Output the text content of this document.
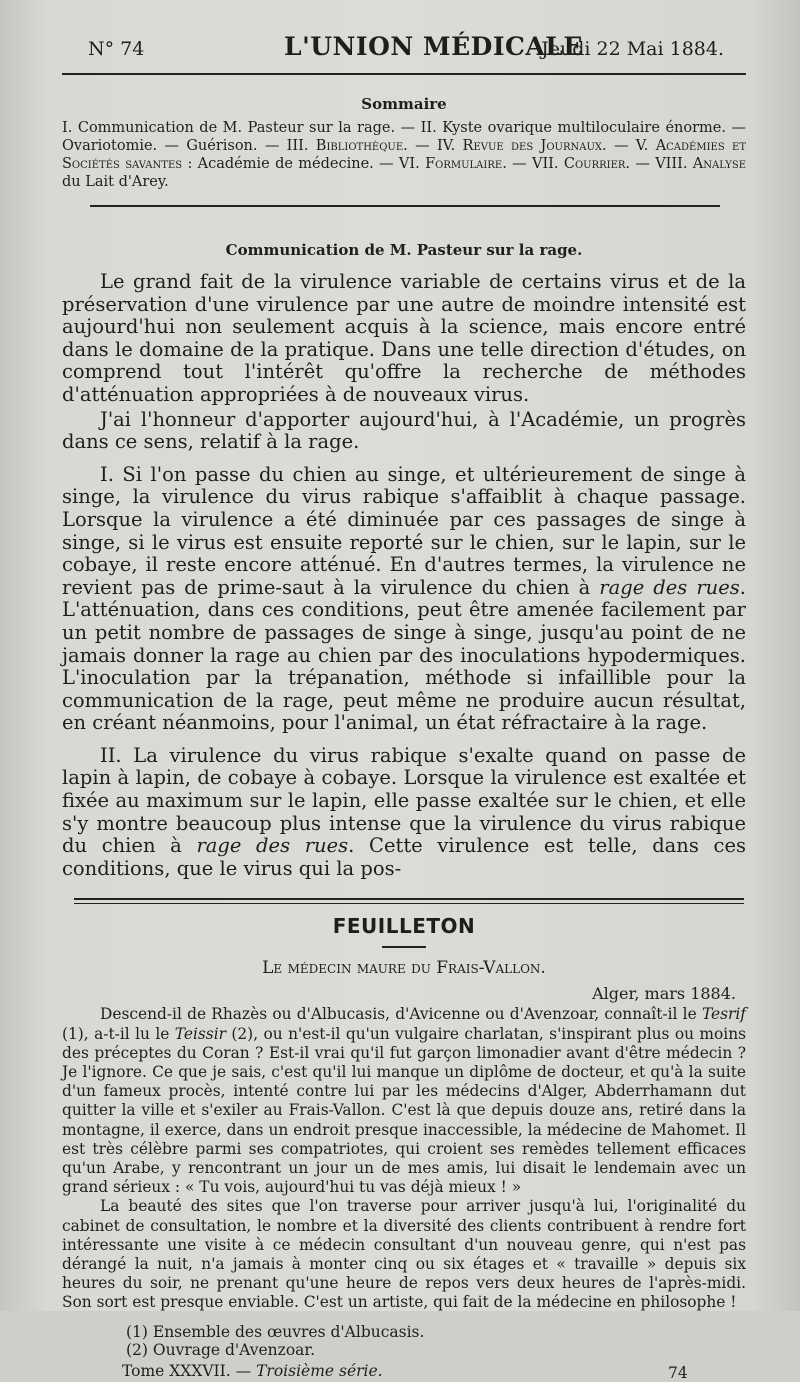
N° 74	L'UNION MÉDICALE
Jeudi 22 Mai 1884.
Sommaire

I. Communication de M. Pasteur sur la rage. — II. Kyste ovarique multiloculaire énorme. — Ovariotomie. — Guérison. — III. Bibliothèque. — IV. Revue des Journaux. — V. Académies et Sociétés savantes : Académie de médecine. — VI. Formulaire. — VII. Courrier. — VIII. Analyse du Lait d'Arey.

Communication de M. Pasteur sur la rage.

Le grand fait de la virulence variable de certains virus et de la préservation d'une virulence par une autre de moindre intensité est aujourd'hui non seulement acquis à la science, mais encore entré dans le domaine de la pratique. Dans une telle direction d'études, on comprend tout l'intérêt qu'offre la recherche de méthodes d'atténuation appropriées à de nouveaux virus.

J'ai l'honneur d'apporter aujourd'hui, à l'Académie, un progrès dans ce sens, relatif à la rage.

I. Si l'on passe du chien au singe, et ultérieurement de singe à singe, la virulence du virus rabique s'affaiblit à chaque passage. Lorsque la virulence a été diminuée par ces passages de singe à singe, si le virus est ensuite reporté sur le chien, sur le lapin, sur le cobaye, il reste encore atténué. En d'autres termes, la virulence ne revient pas de prime-saut à la virulence du chien à rage des rues. L'atténuation, dans ces conditions, peut être amenée facilement par un petit nombre de passages de singe à singe, jusqu'au point de ne jamais donner la rage au chien par des inoculations hypodermiques. L'inoculation par la trépanation, méthode si infaillible pour la communication de la rage, peut même ne produire aucun résultat, en créant néanmoins, pour l'animal, un état réfractaire à la rage.

II. La virulence du virus rabique s'exalte quand on passe de lapin à lapin, de cobaye à cobaye. Lorsque la virulence est exaltée et fixée au maximum sur le lapin, elle passe exaltée sur le chien, et elle s'y montre beaucoup plus intense que la virulence du virus rabique du chien à rage des rues. Cette virulence est telle, dans ces conditions, que le virus qui la pos-

FEUILLETON
Le médecin maure du Frais-Vallon.
Alger, mars 1884.

Descend-il de Rhazès ou d'Albucasis, d'Avicenne ou d'Avenzoar, connaît-il le Tesrif (1), a-t-il lu le Teissir (2), ou n'est-il qu'un vulgaire charlatan, s'inspirant plus ou moins des préceptes du Coran ? Est-il vrai qu'il fut garçon limonadier avant d'être médecin ? Je l'ignore. Ce que je sais, c'est qu'il lui manque un diplôme de docteur, et qu'à la suite d'un fameux procès, intenté contre lui par les médecins d'Alger, Abderrhamann dut quitter la ville et s'exiler au Frais-Vallon. C'est là que depuis douze ans, retiré dans la montagne, il exerce, dans un endroit presque inaccessible, la médecine de Mahomet. Il est très célèbre parmi ses compatriotes, qui croient ses remèdes tellement efficaces qu'un Arabe, y rencontrant un jour un de mes amis, lui disait le lendemain avec un grand sérieux : « Tu vois, aujourd'hui tu vas déjà mieux ! »

La beauté des sites que l'on traverse pour arriver jusqu'à lui, l'originalité du cabinet de consultation, le nombre et la diversité des clients contribuent à rendre fort intéressante une visite à ce médecin consultant d'un nouveau genre, qui n'est pas dérangé la nuit, n'a jamais à monter cinq ou six étages et « travaille » depuis six heures du soir, ne prenant qu'une heure de repos vers deux heures de l'après-midi. Son sort est presque enviable. C'est un artiste, qui fait de la médecine en philosophe !

(1) Ensemble des œuvres d'Albucasis.
(2) Ouvrage d'Avenzoar.
Tome XXXVII. — Troisième série.	74
